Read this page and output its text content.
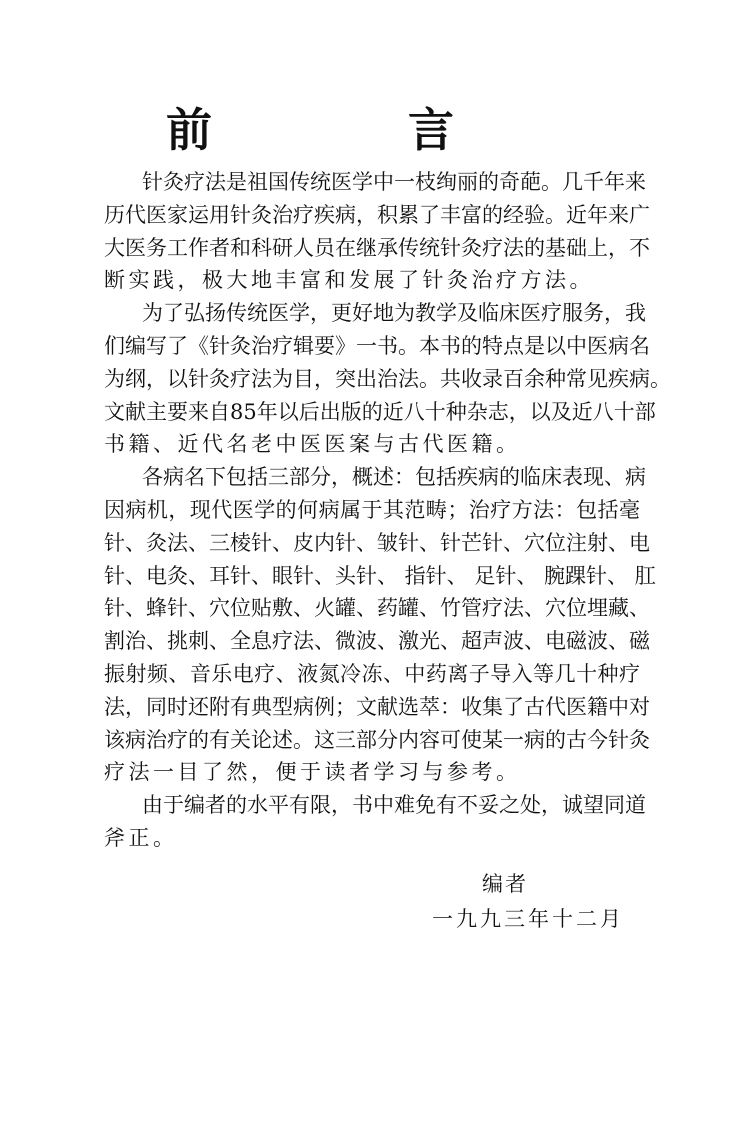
前	言
针灸疗法是祖国传统医学中一枝绚丽的奇葩。几千年来
历代医家运用针灸治疗疾病，积累了丰富的经验。近年来广
大医务工作者和科研人员在继承传统针灸疗法的基础上，不
断实践，极大地丰富和发展了针灸治疗方法。
为了弘扬传统医学，更好地为教学及临床医疗服务，我
们编写了《针灸治疗辑要》一书。本书的特点是以中医病名
为纲，以针灸疗法为目，突出治法。共收录百余种常见疾病。
文献主要来自85年以后出版的近八十种杂志，以及近八十部
书籍、近代名老中医医案与古代医籍。
各病名下包括三部分，概述：包括疾病的临床表现、病
因病机，现代医学的何病属于其范畴；治疗方法：包括毫
针、灸法、三棱针、皮内针、皱针、针芒针、穴位注射、电
针、电灸、耳针、眼针、头针、 指针、 足针、 腕踝针、 肛
针、蜂针、穴位贴敷、火罐、药罐、竹管疗法、穴位埋藏、
割治、挑刺、全息疗法、微波、激光、超声波、电磁波、磁
振射频、音乐电疗、液氮冷冻、中药离子导入等几十种疗
法，同时还附有典型病例；文献选萃：收集了古代医籍中对
该病治疗的有关论述。这三部分内容可使某一病的古今针灸
疗法一目了然，便于读者学习与参考。
由于编者的水平有限，书中难免有不妥之处，诚望同道
斧正。
编者
一九九三年十二月
